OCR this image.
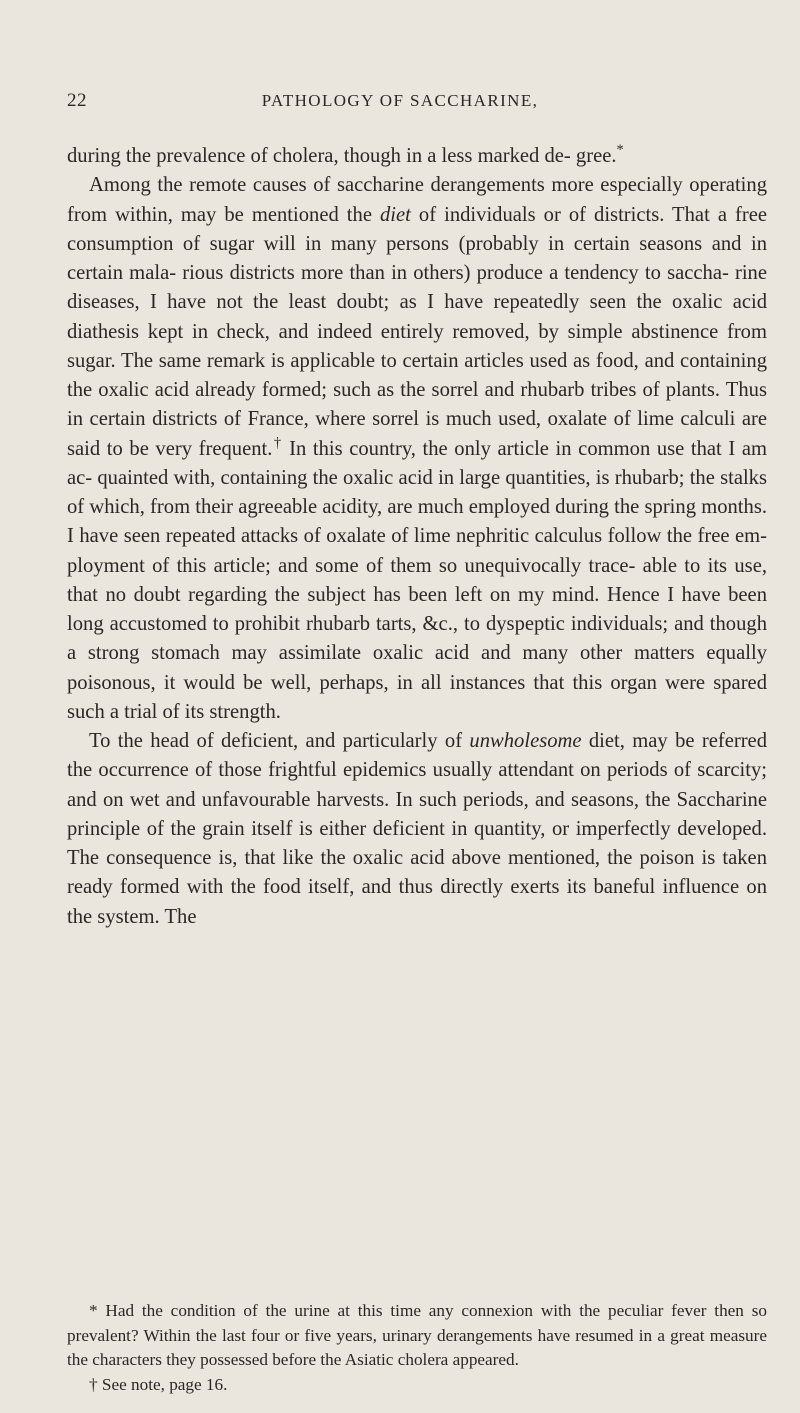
22	PATHOLOGY OF SACCHARINE,

during the prevalence of cholera, though in a less marked de- gree.*

Among the remote causes of saccharine derangements more especially operating from within, may be mentioned the diet of individuals or of districts. That a free consumption of sugar will in many persons (probably in certain seasons and in certain mala- rious districts more than in others) produce a tendency to saccha- rine diseases, I have not the least doubt; as I have repeatedly seen the oxalic acid diathesis kept in check, and indeed entirely removed, by simple abstinence from sugar. The same remark is applicable to certain articles used as food, and containing the oxalic acid already formed; such as the sorrel and rhubarb tribes of plants. Thus in certain districts of France, where sorrel is much used, oxalate of lime calculi are said to be very frequent.† In this country, the only article in common use that I am ac- quainted with, containing the oxalic acid in large quantities, is rhubarb; the stalks of which, from their agreeable acidity, are much employed during the spring months. I have seen repeated attacks of oxalate of lime nephritic calculus follow the free em- ployment of this article; and some of them so unequivocally trace- able to its use, that no doubt regarding the subject has been left on my mind. Hence I have been long accustomed to prohibit rhubarb tarts, &c., to dyspeptic individuals; and though a strong stomach may assimilate oxalic acid and many other matters equally poisonous, it would be well, perhaps, in all instances that this organ were spared such a trial of its strength.

To the head of deficient, and particularly of unwholesome diet, may be referred the occurrence of those frightful epidemics usually attendant on periods of scarcity; and on wet and unfavourable harvests. In such periods, and seasons, the Saccharine principle of the grain itself is either deficient in quantity, or imperfectly developed. The consequence is, that like the oxalic acid above mentioned, the poison is taken ready formed with the food itself, and thus directly exerts its baneful influence on the system. The

* Had the condition of the urine at this time any connexion with the peculiar fever then so prevalent? Within the last four or five years, urinary derangements have resumed in a great measure the characters they possessed before the Asiatic cholera appeared.

† See note, page 16.
